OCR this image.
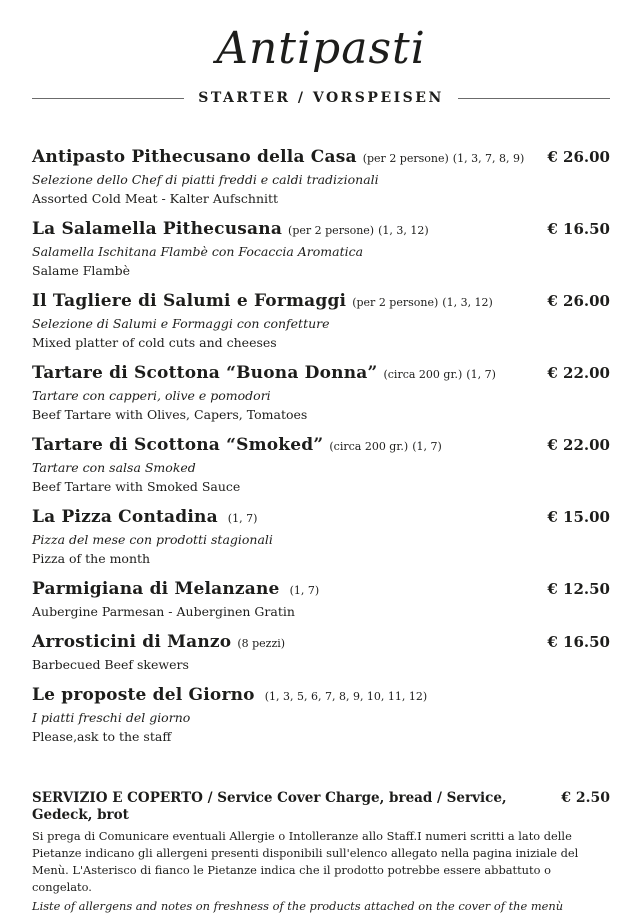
Antipasti
STARTER / VORSPEISEN
Antipasto Pithecusano della Casa (per 2 persone) (1, 3, 7, 8, 9)	€ 26.00
Selezione dello Chef di piatti freddi e caldi tradizionali
Assorted Cold Meat - Kalter Aufschnitt
La Salamella Pithecusana (per 2 persone) (1, 3, 12)	€ 16.50
Salamella Ischitana Flambè con Focaccia Aromatica
Salame Flambè
Il Tagliere di Salumi e Formaggi (per 2 persone) (1, 3, 12)	€ 26.00
Selezione di Salumi e Formaggi con confetture
Mixed platter of cold cuts and cheeses
Tartare di Scottona “Buona Donna” (circa 200 gr.) (1, 7)	€ 22.00
Tartare con capperi, olive e pomodori
Beef Tartare with Olives, Capers, Tomatoes
Tartare di Scottona “Smoked” (circa 200 gr.) (1, 7)	€ 22.00
Tartare con salsa Smoked
Beef Tartare with Smoked Sauce
La Pizza Contadina (1, 7)	€ 15.00
Pizza del mese con prodotti stagionali
Pizza of the month
Parmigiana di Melanzane (1, 7)	€ 12.50
Aubergine Parmesan - Auberginen Gratin
Arrosticini di Manzo (8 pezzi)	€ 16.50
Barbecued Beef skewers
Le proposte del Giorno (1, 3, 5, 6, 7, 8, 9, 10, 11, 12)
I piatti freschi del giorno
Please,ask to the staff
SERVIZIO E COPERTO / Service Cover Charge, bread / Service, Gedeck, brot
€ 2.50
Si prega di Comunicare eventuali Allergie o Intolleranze allo Staff.I numeri scritti a lato delle Pietanze indicano gli allergeni presenti disponibili sull'elenco allegato nella pagina iniziale del Menù. L'Asterisco di fianco le Pietanze indica che il prodotto potrebbe essere abbattuto o congelato.
Liste of allergens and notes on freshness of the products attached on the cover of the menù
